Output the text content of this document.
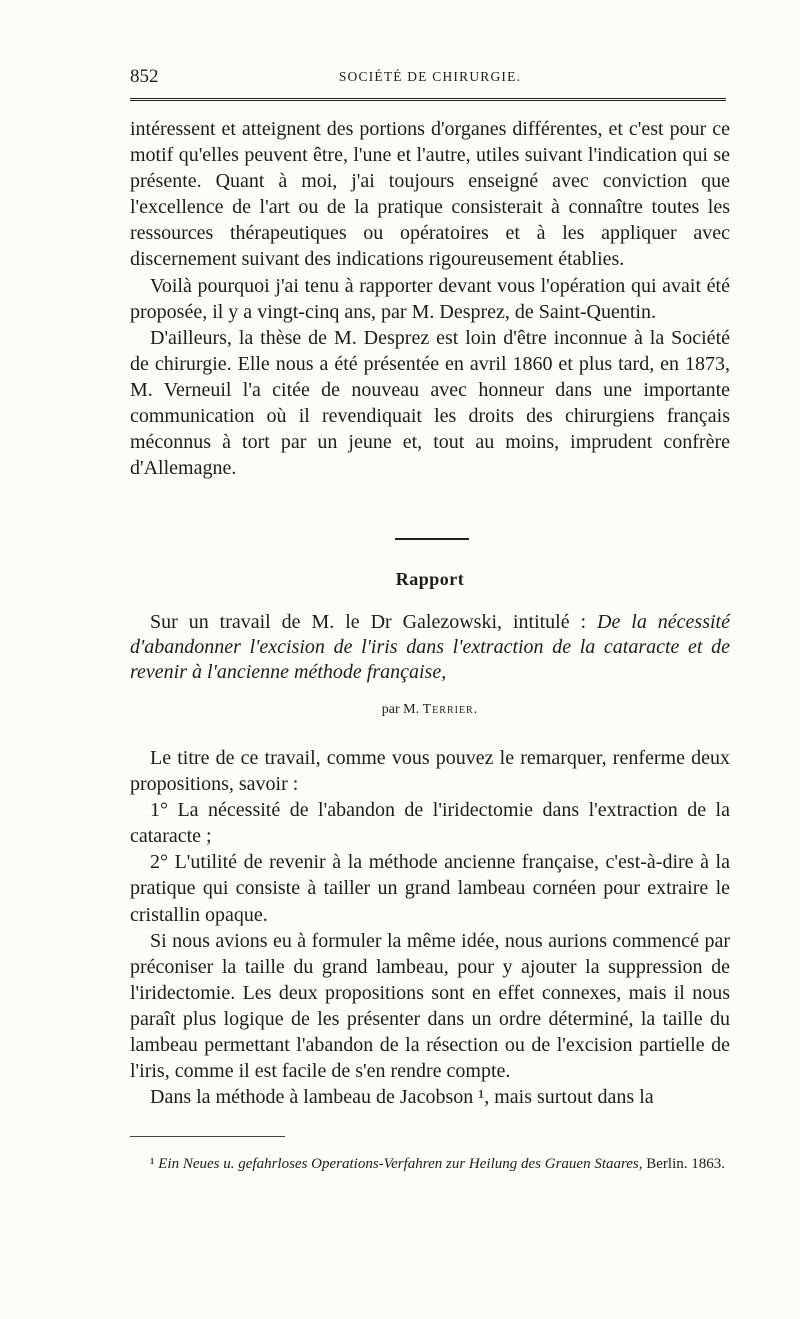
852	SOCIÉTÉ DE CHIRURGIE.

intéressent et atteignent des portions d'organes différentes, et c'est pour ce motif qu'elles peuvent être, l'une et l'autre, utiles suivant l'indication qui se présente. Quant à moi, j'ai toujours enseigné avec conviction que l'excellence de l'art ou de la pratique consisterait à connaître toutes les ressources thérapeutiques ou opératoires et à les appliquer avec discernement suivant des indications rigoureusement établies.

Voilà pourquoi j'ai tenu à rapporter devant vous l'opération qui avait été proposée, il y a vingt-cinq ans, par M. Desprez, de Saint-Quentin.

D'ailleurs, la thèse de M. Desprez est loin d'être inconnue à la Société de chirurgie. Elle nous a été présentée en avril 1860 et plus tard, en 1873, M. Verneuil l'a citée de nouveau avec honneur dans une importante communication où il revendiquait les droits des chirurgiens français méconnus à tort par un jeune et, tout au moins, imprudent confrère d'Allemagne.

Rapport

Sur un travail de M. le Dr Galezowski, intitulé : De la nécessité d'abandonner l'excision de l'iris dans l'extraction de la cataracte et de revenir à l'ancienne méthode française,

par M. Terrier.

Le titre de ce travail, comme vous pouvez le remarquer, renferme deux propositions, savoir :

1° La nécessité de l'abandon de l'iridectomie dans l'extraction de la cataracte ;

2° L'utilité de revenir à la méthode ancienne française, c'est-à-dire à la pratique qui consiste à tailler un grand lambeau cornéen pour extraire le cristallin opaque.

Si nous avions eu à formuler la même idée, nous aurions commencé par préconiser la taille du grand lambeau, pour y ajouter la suppression de l'iridectomie. Les deux propositions sont en effet connexes, mais il nous paraît plus logique de les présenter dans un ordre déterminé, la taille du lambeau permettant l'abandon de la résection ou de l'excision partielle de l'iris, comme il est facile de s'en rendre compte.

Dans la méthode à lambeau de Jacobson ¹, mais surtout dans la

¹ Ein Neues u. gefahrloses Operations-Verfahren zur Heilung des Grauen Staares, Berlin. 1863.
